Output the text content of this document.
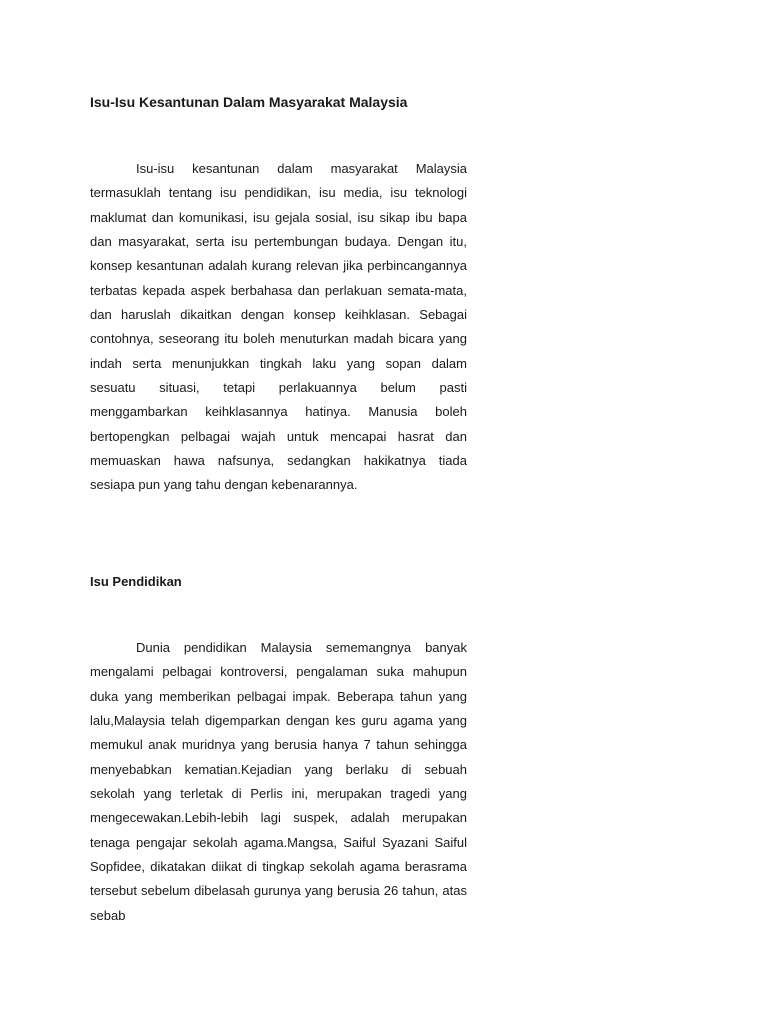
Isu-Isu Kesantunan Dalam Masyarakat Malaysia

Isu-isu kesantunan dalam masyarakat Malaysia termasuklah tentang isu pendidikan, isu media, isu teknologi maklumat dan komunikasi, isu gejala sosial, isu sikap ibu bapa dan masyarakat, serta isu pertembungan budaya. Dengan itu, konsep kesantunan adalah kurang relevan jika perbincangannya terbatas kepada aspek berbahasa dan perlakuan semata-mata, dan haruslah dikaitkan dengan konsep keihklasan. Sebagai contohnya, seseorang itu boleh menuturkan madah bicara yang indah serta menunjukkan tingkah laku yang sopan dalam sesuatu situasi, tetapi perlakuannya belum pasti menggambarkan keihklasannya hatinya. Manusia boleh bertopengkan pelbagai wajah untuk mencapai hasrat dan memuaskan hawa nafsunya, sedangkan hakikatnya tiada sesiapa pun yang tahu dengan kebenarannya.

Isu Pendidikan

Dunia pendidikan Malaysia sememangnya banyak mengalami pelbagai kontroversi, pengalaman suka mahupun duka yang memberikan pelbagai impak. Beberapa tahun yang lalu,Malaysia telah digemparkan dengan kes guru agama yang memukul anak muridnya yang berusia hanya 7 tahun sehingga menyebabkan kematian.Kejadian yang berlaku di sebuah sekolah yang terletak di Perlis ini, merupakan tragedi yang mengecewakan.Lebih-lebih lagi suspek, adalah merupakan tenaga pengajar sekolah agama.Mangsa, Saiful Syazani Saiful Sopfidee, dikatakan diikat di tingkap sekolah agama berasrama tersebut sebelum dibelasah gurunya yang berusia 26 tahun, atas sebab
